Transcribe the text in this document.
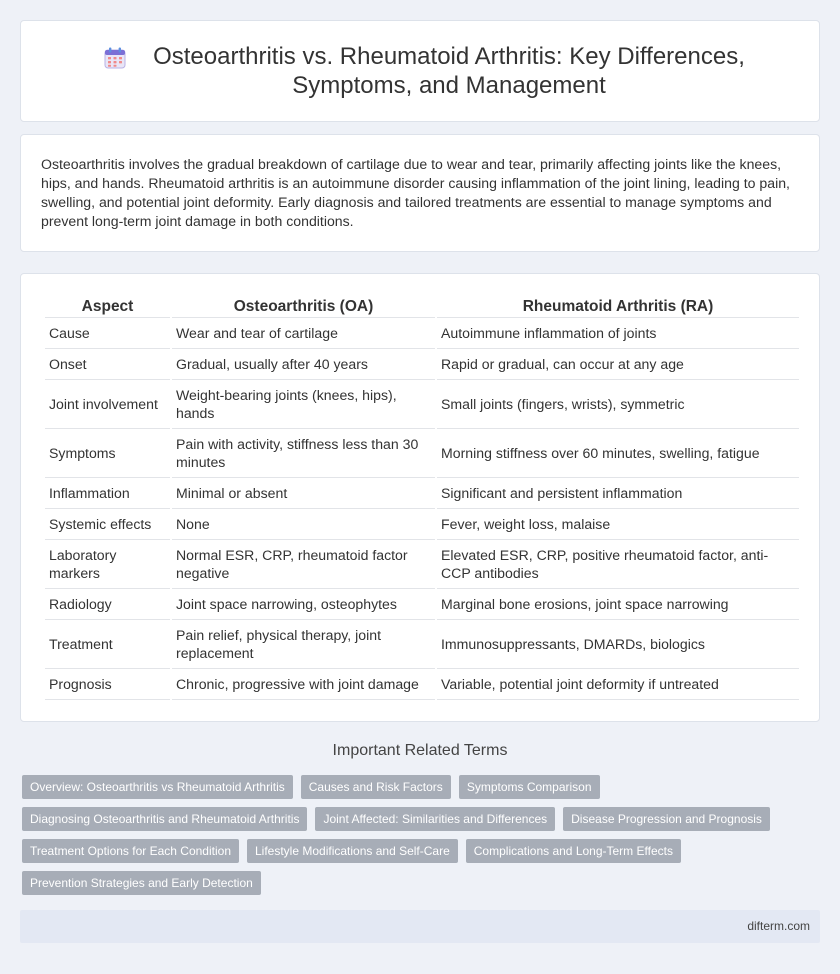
Osteoarthritis vs. Rheumatoid Arthritis: Key Differences, Symptoms, and Management

Osteoarthritis involves the gradual breakdown of cartilage due to wear and tear, primarily affecting joints like the knees, hips, and hands. Rheumatoid arthritis is an autoimmune disorder causing inflammation of the joint lining, leading to pain, swelling, and potential joint deformity. Early diagnosis and tailored treatments are essential to manage symptoms and prevent long-term joint damage in both conditions.

Aspect	Osteoarthritis (OA)	Rheumatoid Arthritis (RA)
Cause	Wear and tear of cartilage	Autoimmune inflammation of joints
Onset	Gradual, usually after 40 years	Rapid or gradual, can occur at any age
Joint involvement	Weight-bearing joints (knees, hips), hands	Small joints (fingers, wrists), symmetric
Symptoms	Pain with activity, stiffness less than 30 minutes	Morning stiffness over 60 minutes, swelling, fatigue
Inflammation	Minimal or absent	Significant and persistent inflammation
Systemic effects	None	Fever, weight loss, malaise
Laboratory markers	Normal ESR, CRP, rheumatoid factor negative	Elevated ESR, CRP, positive rheumatoid factor, anti-CCP antibodies
Radiology	Joint space narrowing, osteophytes	Marginal bone erosions, joint space narrowing
Treatment	Pain relief, physical therapy, joint replacement	Immunosuppressants, DMARDs, biologics
Prognosis	Chronic, progressive with joint damage	Variable, potential joint deformity if untreated
Important Related Terms
Overview: Osteoarthritis vs Rheumatoid Arthritis	Causes and Risk Factors	Symptoms Comparison
Diagnosing Osteoarthritis and Rheumatoid Arthritis	Joint Affected: Similarities and Differences	Disease Progression and Prognosis
Treatment Options for Each Condition	Lifestyle Modifications and Self-Care	Complications and Long-Term Effects
Prevention Strategies and Early Detection
difterm.com
